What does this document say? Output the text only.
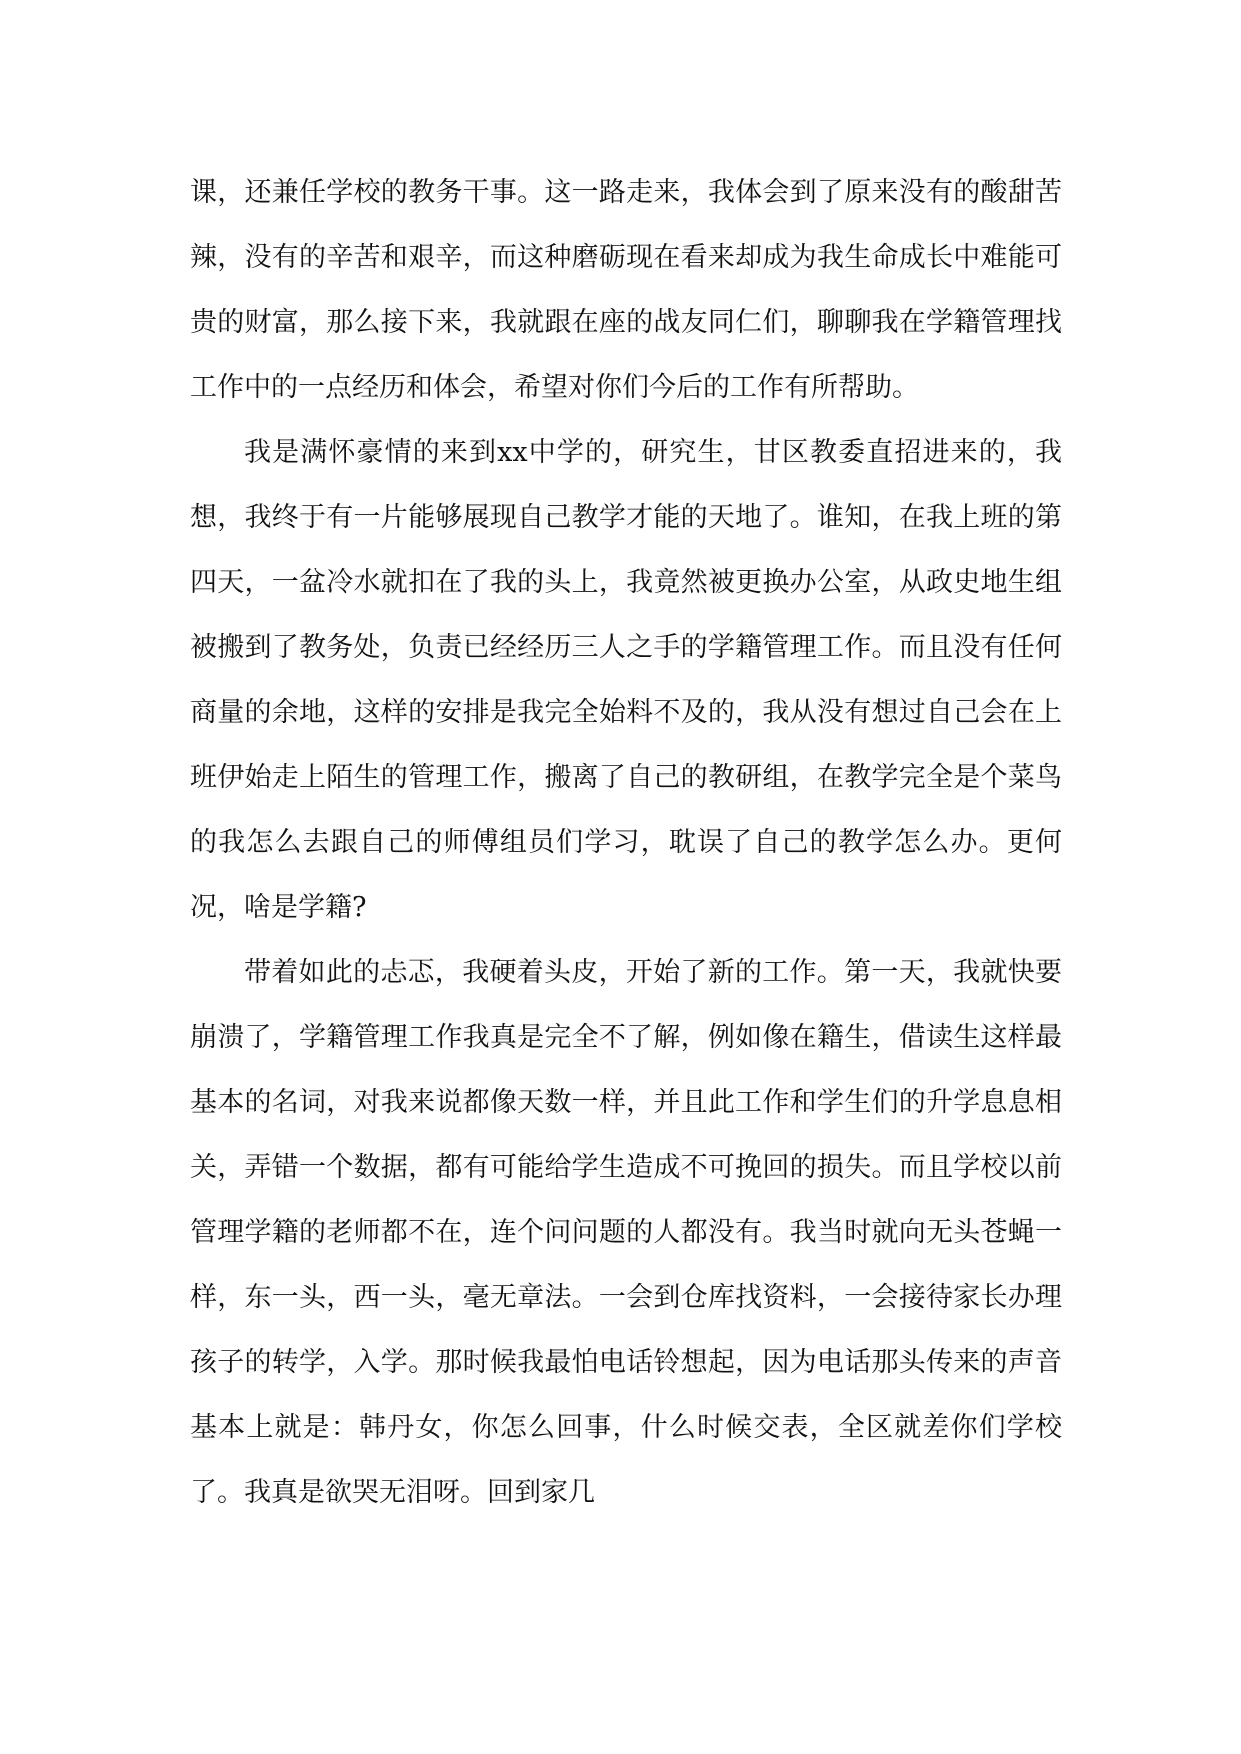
课，还兼任学校的教务干事。这一路走来，我体会到了原来没有的酸甜苦辣，没有的辛苦和艰辛，而这种磨砺现在看来却成为我生命成长中难能可贵的财富，那么接下来，我就跟在座的战友同仁们，聊聊我在学籍管理找工作中的一点经历和体会，希望对你们今后的工作有所帮助。

我是满怀豪情的来到xx中学的，研究生，甘区教委直招进来的，我想，我终于有一片能够展现自己教学才能的天地了。谁知，在我上班的第四天，一盆冷水就扣在了我的头上，我竟然被更换办公室，从政史地生组被搬到了教务处，负责已经经历三人之手的学籍管理工作。而且没有任何商量的余地，这样的安排是我完全始料不及的，我从没有想过自己会在上班伊始走上陌生的管理工作，搬离了自己的教研组，在教学完全是个菜鸟的我怎么去跟自己的师傅组员们学习，耽误了自己的教学怎么办。更何况，啥是学籍?

带着如此的忐忑，我硬着头皮，开始了新的工作。第一天，我就快要崩溃了，学籍管理工作我真是完全不了解，例如像在籍生，借读生这样最基本的名词，对我来说都像天数一样，并且此工作和学生们的升学息息相关，弄错一个数据，都有可能给学生造成不可挽回的损失。而且学校以前管理学籍的老师都不在，连个问问题的人都没有。我当时就向无头苍蝇一样，东一头，西一头，毫无章法。一会到仓库找资料，一会接待家长办理孩子的转学，入学。那时候我最怕电话铃想起，因为电话那头传来的声音基本上就是：韩丹女，你怎么回事，什么时候交表，全区就差你们学校了。我真是欲哭无泪呀。回到家几
